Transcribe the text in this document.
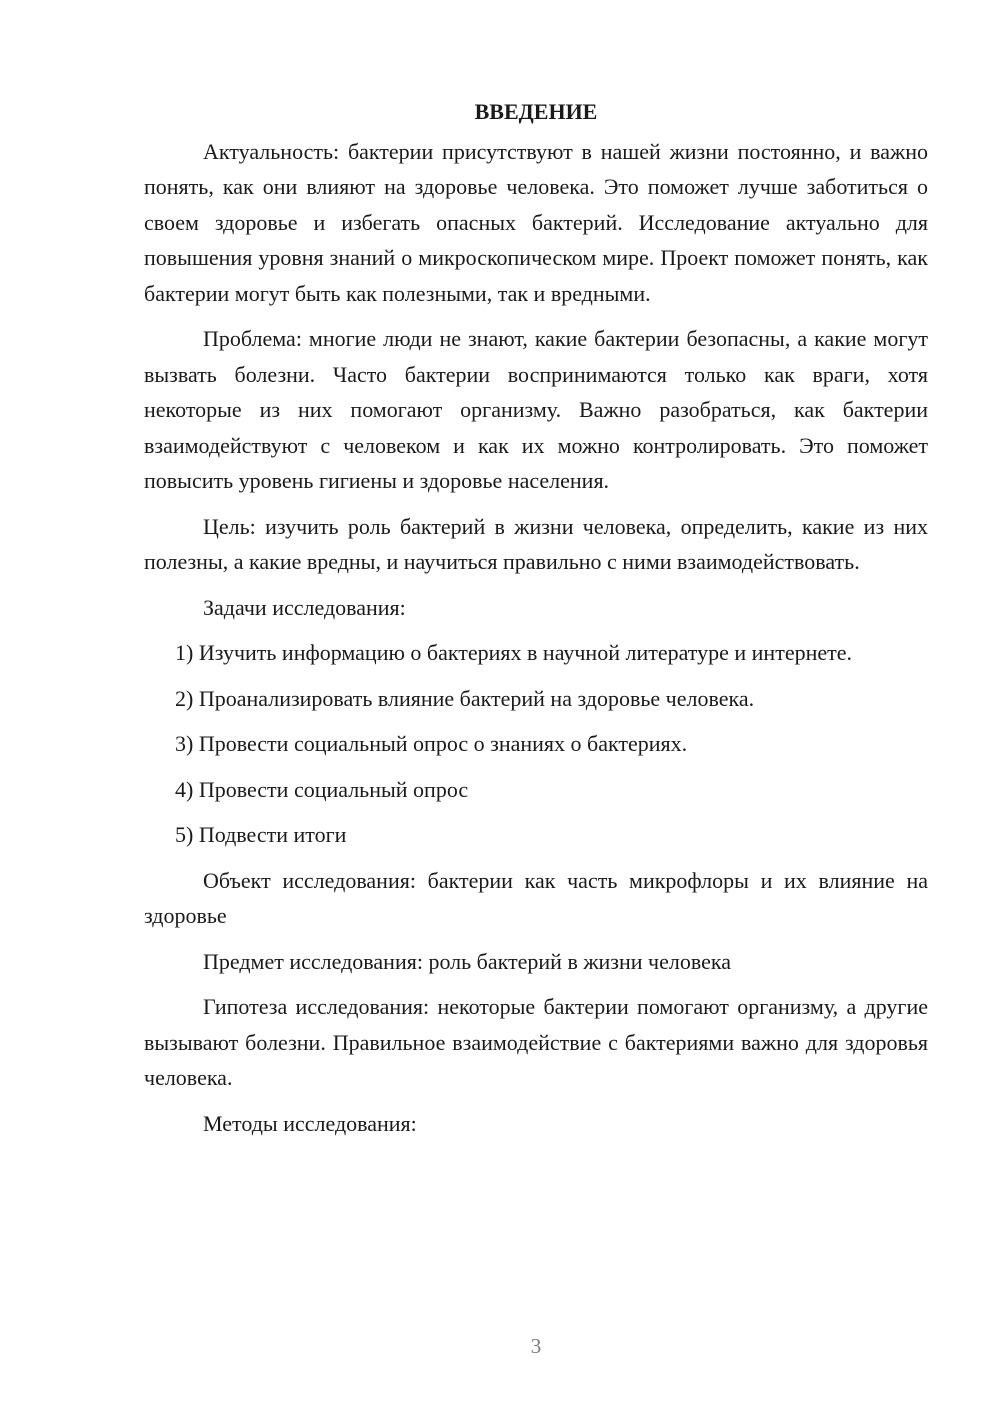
ВВЕДЕНИЕ

Актуальность: бактерии присутствуют в нашей жизни постоянно, и важно понять, как они влияют на здоровье человека. Это поможет лучше заботиться о своем здоровье и избегать опасных бактерий. Исследование актуально для повышения уровня знаний о микроскопическом мире. Проект поможет понять, как бактерии могут быть как полезными, так и вредными.

Проблема: многие люди не знают, какие бактерии безопасны, а какие могут вызвать болезни. Часто бактерии воспринимаются только как враги, хотя некоторые из них помогают организму. Важно разобраться, как бактерии взаимодействуют с человеком и как их можно контролировать. Это поможет повысить уровень гигиены и здоровье населения.

Цель: изучить роль бактерий в жизни человека, определить, какие из них полезны, а какие вредны, и научиться правильно с ними взаимодействовать.

Задачи исследования:

1) Изучить информацию о бактериях в научной литературе и интернете.

2) Проанализировать влияние бактерий на здоровье человека.

3) Провести социальный опрос о знаниях о бактериях.

4) Провести социальный опрос

5) Подвести итоги

Объект исследования: бактерии как часть микрофлоры и их влияние на здоровье

Предмет исследования: роль бактерий в жизни человека

Гипотеза исследования: некоторые бактерии помогают организму, а другие вызывают болезни. Правильное взаимодействие с бактериями важно для здоровья человека.

Методы исследования:

3
